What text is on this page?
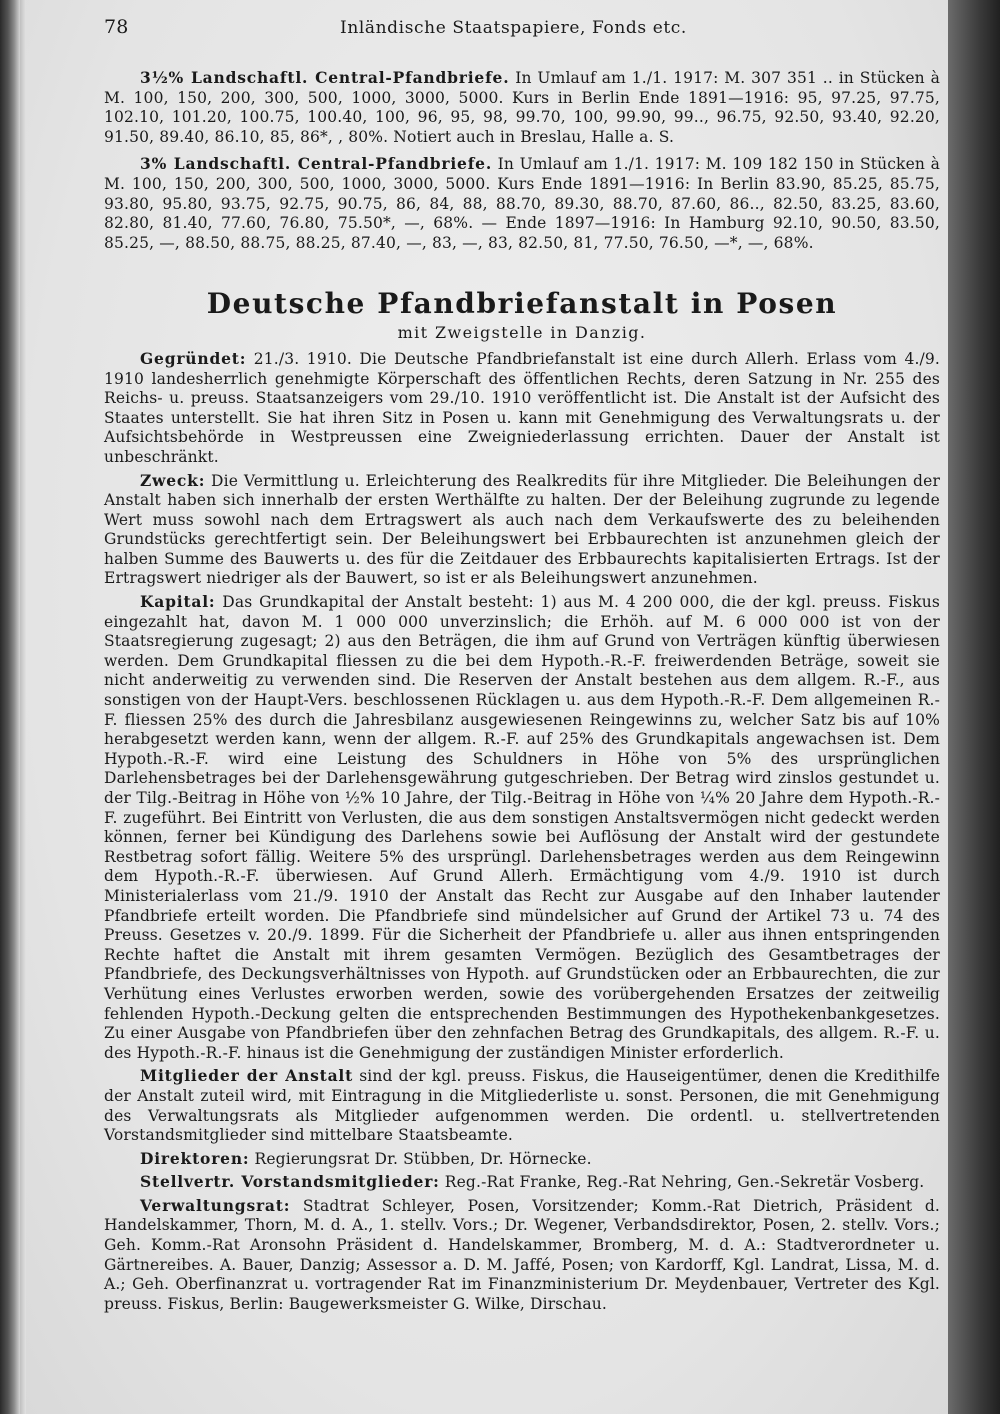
78	Inländische Staatspapiere, Fonds etc.

3½% Landschaftl. Central-Pfandbriefe. In Umlauf am 1./1. 1917: M. 307 351 .. in Stücken à M. 100, 150, 200, 300, 500, 1000, 3000, 5000. Kurs in Berlin Ende 1891—1916: 95, 97.25, 97.75, 102.10, 101.20, 100.75, 100.40, 100, 96, 95, 98, 99.70, 100, 99.90, 99.., 96.75, 92.50, 93.40, 92.20, 91.50, 89.40, 86.10, 85, 86*, , 80%. Notiert auch in Breslau, Halle a. S.

3% Landschaftl. Central-Pfandbriefe. In Umlauf am 1./1. 1917: M. 109 182 150 in Stücken à M. 100, 150, 200, 300, 500, 1000, 3000, 5000. Kurs Ende 1891—1916: In Berlin 83.90, 85.25, 85.75, 93.80, 95.80, 93.75, 92.75, 90.75, 86, 84, 88, 88.70, 89.30, 88.70, 87.60, 86.., 82.50, 83.25, 83.60, 82.80, 81.40, 77.60, 76.80, 75.50*, —, 68%. — Ende 1897—1916: In Hamburg 92.10, 90.50, 83.50, 85.25, —, 88.50, 88.75, 88.25, 87.40, —, 83, —, 83, 82.50, 81, 77.50, 76.50, —*, —, 68%.

Deutsche Pfandbriefanstalt in Posen
mit Zweigstelle in Danzig.

Gegründet: 21./3. 1910. Die Deutsche Pfandbriefanstalt ist eine durch Allerh. Erlass vom 4./9. 1910 landesherrlich genehmigte Körperschaft des öffentlichen Rechts, deren Satzung in Nr. 255 des Reichs- u. preuss. Staatsanzeigers vom 29./10. 1910 veröffentlicht ist. Die Anstalt ist der Aufsicht des Staates unterstellt. Sie hat ihren Sitz in Posen u. kann mit Genehmigung des Verwaltungsrats u. der Aufsichtsbehörde in Westpreussen eine Zweigniederlassung errichten. Dauer der Anstalt ist unbeschränkt.

Zweck: Die Vermittlung u. Erleichterung des Realkredits für ihre Mitglieder. Die Beleihungen der Anstalt haben sich innerhalb der ersten Werthälfte zu halten. Der der Beleihung zugrunde zu legende Wert muss sowohl nach dem Ertragswert als auch nach dem Verkaufswerte des zu beleihenden Grundstücks gerechtfertigt sein. Der Beleihungswert bei Erbbaurechten ist anzunehmen gleich der halben Summe des Bauwerts u. des für die Zeitdauer des Erbbaurechts kapitalisierten Ertrags. Ist der Ertragswert niedriger als der Bauwert, so ist er als Beleihungswert anzunehmen.

Kapital: Das Grundkapital der Anstalt besteht: 1) aus M. 4 200 000, die der kgl. preuss. Fiskus eingezahlt hat, davon M. 1 000 000 unverzinslich; die Erhöh. auf M. 6 000 000 ist von der Staatsregierung zugesagt; 2) aus den Beträgen, die ihm auf Grund von Verträgen künftig überwiesen werden. Dem Grundkapital fliessen zu die bei dem Hypoth.-R.-F. freiwerdenden Beträge, soweit sie nicht anderweitig zu verwenden sind. Die Reserven der Anstalt bestehen aus dem allgem. R.-F., aus sonstigen von der Haupt-Vers. beschlossenen Rücklagen u. aus dem Hypoth.-R.-F. Dem allgemeinen R.-F. fliessen 25% des durch die Jahresbilanz ausgewiesenen Reingewinns zu, welcher Satz bis auf 10% herabgesetzt werden kann, wenn der allgem. R.-F. auf 25% des Grundkapitals angewachsen ist. Dem Hypoth.-R.-F. wird eine Leistung des Schuldners in Höhe von 5% des ursprünglichen Darlehensbetrages bei der Darlehensgewährung gutgeschrieben. Der Betrag wird zinslos gestundet u. der Tilg.-Beitrag in Höhe von ½% 10 Jahre, der Tilg.-Beitrag in Höhe von ¼% 20 Jahre dem Hypoth.-R.-F. zugeführt. Bei Eintritt von Verlusten, die aus dem sonstigen Anstaltsvermögen nicht gedeckt werden können, ferner bei Kündigung des Darlehens sowie bei Auflösung der Anstalt wird der gestundete Restbetrag sofort fällig. Weitere 5% des ursprüngl. Darlehensbetrages werden aus dem Reingewinn dem Hypoth.-R.-F. überwiesen. Auf Grund Allerh. Ermächtigung vom 4./9. 1910 ist durch Ministerialerlass vom 21./9. 1910 der Anstalt das Recht zur Ausgabe auf den Inhaber lautender Pfandbriefe erteilt worden. Die Pfandbriefe sind mündelsicher auf Grund der Artikel 73 u. 74 des Preuss. Gesetzes v. 20./9. 1899. Für die Sicherheit der Pfandbriefe u. aller aus ihnen entspringenden Rechte haftet die Anstalt mit ihrem gesamten Vermögen. Bezüglich des Gesamtbetrages der Pfandbriefe, des Deckungsverhältnisses von Hypoth. auf Grundstücken oder an Erbbaurechten, die zur Verhütung eines Verlustes erworben werden, sowie des vorübergehenden Ersatzes der zeitweilig fehlenden Hypoth.-Deckung gelten die entsprechenden Bestimmungen des Hypothekenbankgesetzes. Zu einer Ausgabe von Pfandbriefen über den zehnfachen Betrag des Grundkapitals, des allgem. R.-F. u. des Hypoth.-R.-F. hinaus ist die Genehmigung der zuständigen Minister erforderlich.

Mitglieder der Anstalt sind der kgl. preuss. Fiskus, die Hauseigentümer, denen die Kredithilfe der Anstalt zuteil wird, mit Eintragung in die Mitgliederliste u. sonst. Personen, die mit Genehmigung des Verwaltungsrats als Mitglieder aufgenommen werden. Die ordentl. u. stellvertretenden Vorstandsmitglieder sind mittelbare Staatsbeamte.

Direktoren: Regierungsrat Dr. Stübben, Dr. Hörnecke.

Stellvertr. Vorstandsmitglieder: Reg.-Rat Franke, Reg.-Rat Nehring, Gen.-Sekretär Vosberg.

Verwaltungsrat: Stadtrat Schleyer, Posen, Vorsitzender; Komm.-Rat Dietrich, Präsident d. Handelskammer, Thorn, M. d. A., 1. stellv. Vors.; Dr. Wegener, Verbandsdirektor, Posen, 2. stellv. Vors.; Geh. Komm.-Rat Aronsohn Präsident d. Handelskammer, Bromberg, M. d. A.: Stadtverordneter u. Gärtnereibes. A. Bauer, Danzig; Assessor a. D. M. Jaffé, Posen; von Kardorff, Kgl. Landrat, Lissa, M. d. A.; Geh. Oberfinanzrat u. vortragender Rat im Finanzministerium Dr. Meydenbauer, Vertreter des Kgl. preuss. Fiskus, Berlin: Baugewerksmeister G. Wilke, Dirschau.
